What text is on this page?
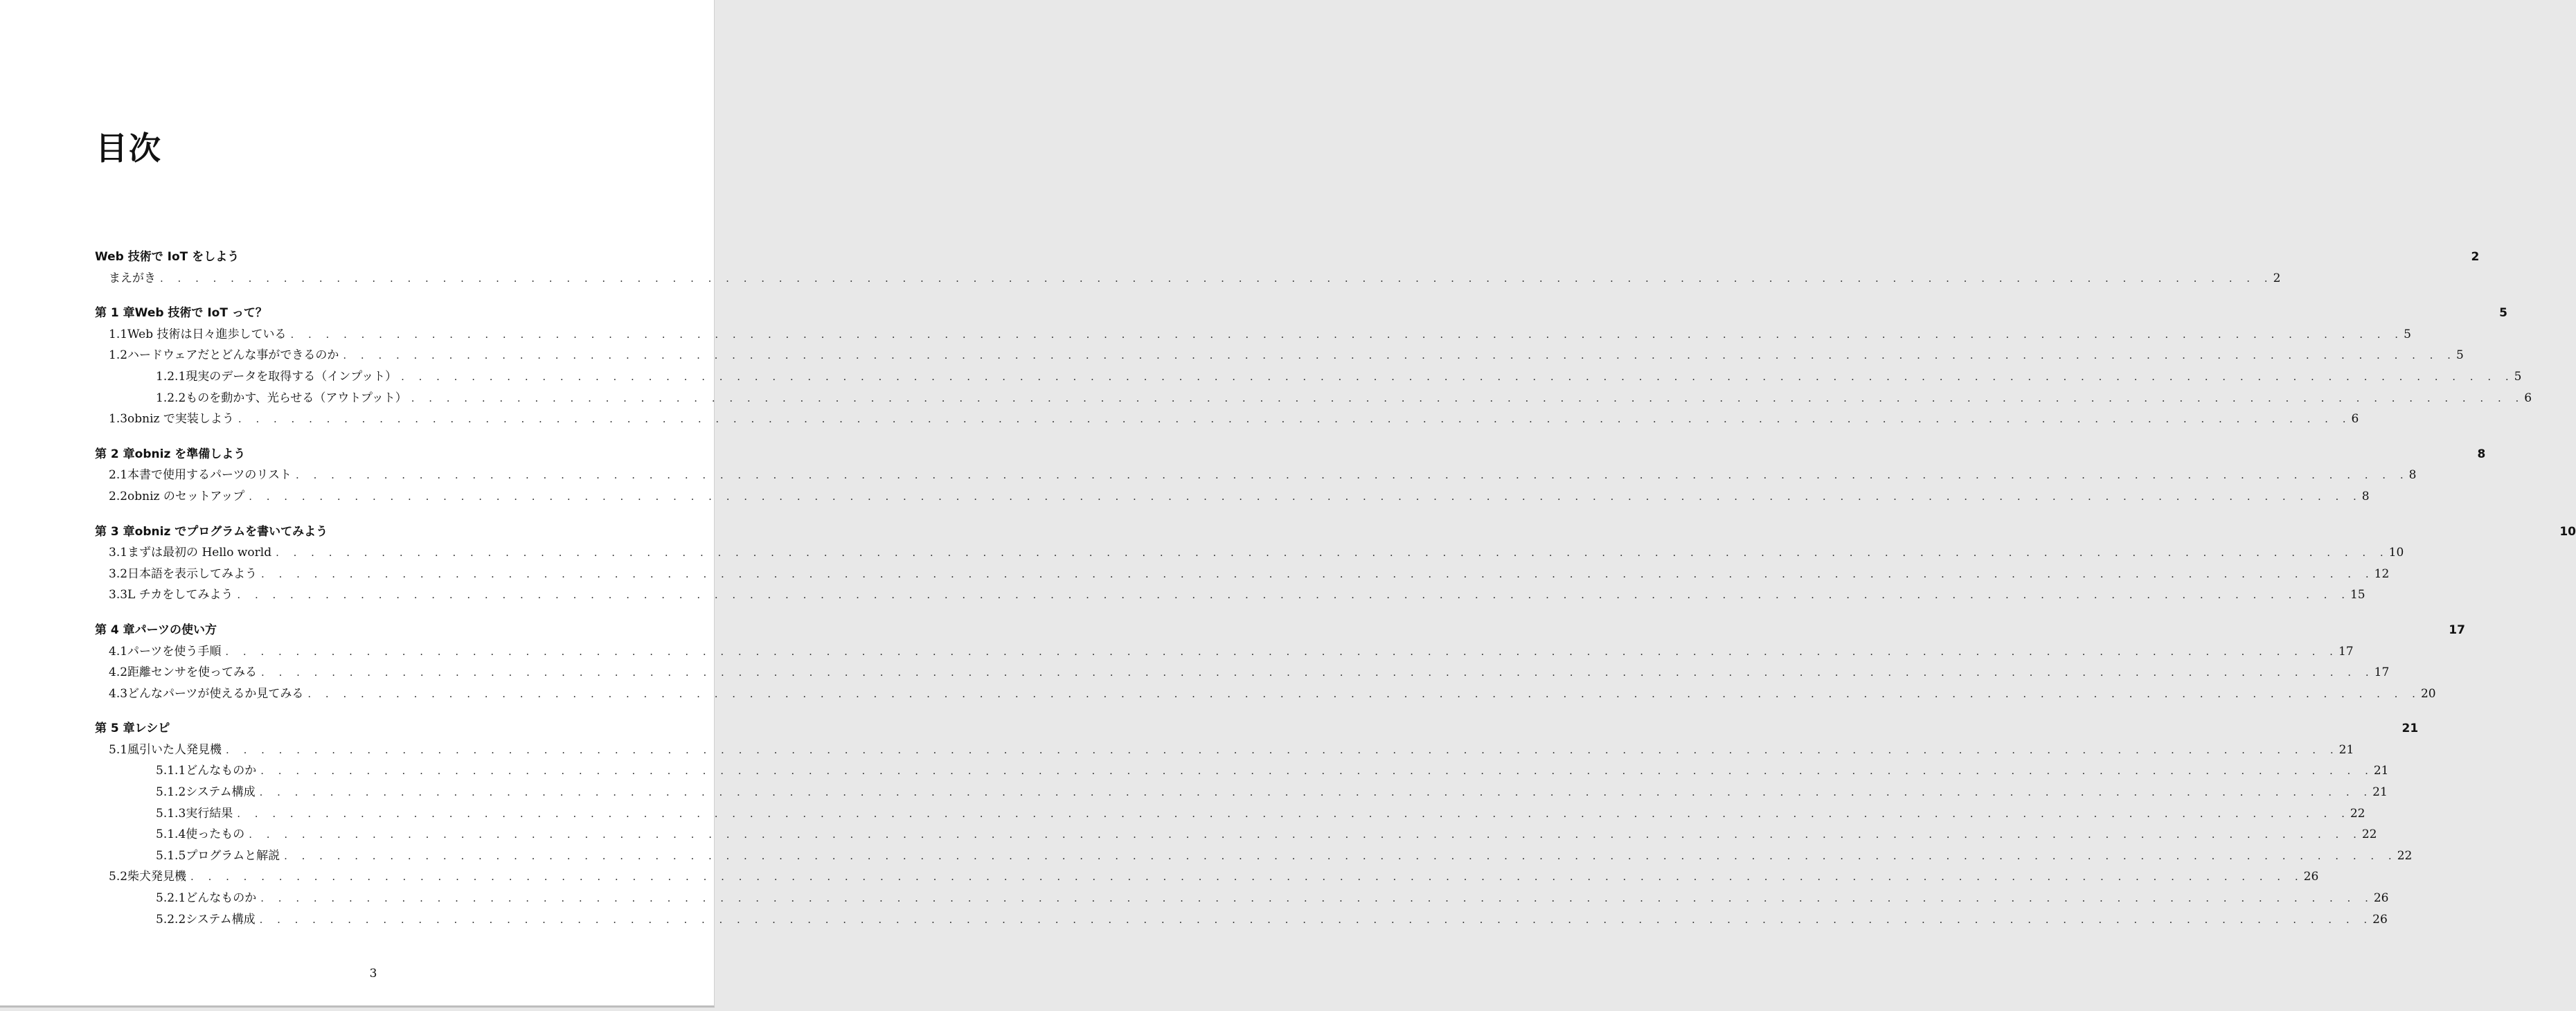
目次
Web 技術で IoT をしよう	2
まえがき . . . . . . . . . . . . . . . . . . . . . . . . . . . . . . . . . . . . . . . . . . . . . . . . . . . . . . . . . . . . . . . . . . . . . . . . . . . . . . . . . . . . . . . . . . . . . . . . . . . . . . . . . . . . . . . . . . . . . . . . 2
第 1 章 Web 技術で IoT って？	5
1.1 Web 技術は日々進歩している . . . . . . . . . . . . . . . . . . . . . . . . . . . . . . . . . . . . . . . . . . . . . . . . . . . . . . . . . . . . . . . . . . . . . . . . . . . . . . . . . . . . . . . . . . . . . . . . . . . . . . . . . . . . . . . . . . . . . . . . 5
1.2 ハードウェアだとどんな事ができるのか . . . . . . . . . . . . . . . . . . . . . . . . . . . . . . . . . . . . . . . . . . . . . . . . . . . . . . . . . . . . . . . . . . . . . . . . . . . . . . . . . . . . . . . . . . . . . . . . . . . . . . . . . . . . . . . . . . . . . . . . 5
1.2.1 現実のデータを取得する（インプット） . . . . . . . . . . . . . . . . . . . . . . . . . . . . . . . . . . . . . . . . . . . . . . . . . . . . . . . . . . . . . . . . . . . . . . . . . . . . . . . . . . . . . . . . . . . . . . . . . . . . . . . . . . . . . . . . . . . . . . . . 5
1.2.2 ものを動かす、光らせる（アウトプット） . . . . . . . . . . . . . . . . . . . . . . . . . . . . . . . . . . . . . . . . . . . . . . . . . . . . . . . . . . . . . . . . . . . . . . . . . . . . . . . . . . . . . . . . . . . . . . . . . . . . . . . . . . . . . . . . . . . . . . . . 6
1.3 obniz で実装しよう . . . . . . . . . . . . . . . . . . . . . . . . . . . . . . . . . . . . . . . . . . . . . . . . . . . . . . . . . . . . . . . . . . . . . . . . . . . . . . . . . . . . . . . . . . . . . . . . . . . . . . . . . . . . . . . . . . . . . . . . 6
第 2 章 obniz を準備しよう	8
2.1 本書で使用するパーツのリスト . . . . . . . . . . . . . . . . . . . . . . . . . . . . . . . . . . . . . . . . . . . . . . . . . . . . . . . . . . . . . . . . . . . . . . . . . . . . . . . . . . . . . . . . . . . . . . . . . . . . . . . . . . . . . . . . . . . . . . . . 8
2.2 obniz のセットアップ . . . . . . . . . . . . . . . . . . . . . . . . . . . . . . . . . . . . . . . . . . . . . . . . . . . . . . . . . . . . . . . . . . . . . . . . . . . . . . . . . . . . . . . . . . . . . . . . . . . . . . . . . . . . . . . . . . . . . . . . 8
第 3 章 obniz でプログラムを書いてみよう	10
3.1 まずは最初の Hello world . . . . . . . . . . . . . . . . . . . . . . . . . . . . . . . . . . . . . . . . . . . . . . . . . . . . . . . . . . . . . . . . . . . . . . . . . . . . . . . . . . . . . . . . . . . . . . . . . . . . . . . . . . . . . . . . . . . . . . . . 10
3.2 日本語を表示してみよう . . . . . . . . . . . . . . . . . . . . . . . . . . . . . . . . . . . . . . . . . . . . . . . . . . . . . . . . . . . . . . . . . . . . . . . . . . . . . . . . . . . . . . . . . . . . . . . . . . . . . . . . . . . . . . . . . . . . . . . . 12
3.3 L チカをしてみよう . . . . . . . . . . . . . . . . . . . . . . . . . . . . . . . . . . . . . . . . . . . . . . . . . . . . . . . . . . . . . . . . . . . . . . . . . . . . . . . . . . . . . . . . . . . . . . . . . . . . . . . . . . . . . . . . . . . . . . . . 15
第 4 章 パーツの使い方	17
4.1 パーツを使う手順 . . . . . . . . . . . . . . . . . . . . . . . . . . . . . . . . . . . . . . . . . . . . . . . . . . . . . . . . . . . . . . . . . . . . . . . . . . . . . . . . . . . . . . . . . . . . . . . . . . . . . . . . . . . . . . . . . . . . . . . . 17
4.2 距離センサを使ってみる . . . . . . . . . . . . . . . . . . . . . . . . . . . . . . . . . . . . . . . . . . . . . . . . . . . . . . . . . . . . . . . . . . . . . . . . . . . . . . . . . . . . . . . . . . . . . . . . . . . . . . . . . . . . . . . . . . . . . . . . 17
4.3 どんなパーツが使えるか見てみる . . . . . . . . . . . . . . . . . . . . . . . . . . . . . . . . . . . . . . . . . . . . . . . . . . . . . . . . . . . . . . . . . . . . . . . . . . . . . . . . . . . . . . . . . . . . . . . . . . . . . . . . . . . . . . . . . . . . . . . . 20
第 5 章 レシピ	21
5.1 風引いた人発見機 . . . . . . . . . . . . . . . . . . . . . . . . . . . . . . . . . . . . . . . . . . . . . . . . . . . . . . . . . . . . . . . . . . . . . . . . . . . . . . . . . . . . . . . . . . . . . . . . . . . . . . . . . . . . . . . . . . . . . . . . 21
5.1.1 どんなものか . . . . . . . . . . . . . . . . . . . . . . . . . . . . . . . . . . . . . . . . . . . . . . . . . . . . . . . . . . . . . . . . . . . . . . . . . . . . . . . . . . . . . . . . . . . . . . . . . . . . . . . . . . . . . . . . . . . . . . . . 21
5.1.2 システム構成 . . . . . . . . . . . . . . . . . . . . . . . . . . . . . . . . . . . . . . . . . . . . . . . . . . . . . . . . . . . . . . . . . . . . . . . . . . . . . . . . . . . . . . . . . . . . . . . . . . . . . . . . . . . . . . . . . . . . . . . . 21
5.1.3 実行結果 . . . . . . . . . . . . . . . . . . . . . . . . . . . . . . . . . . . . . . . . . . . . . . . . . . . . . . . . . . . . . . . . . . . . . . . . . . . . . . . . . . . . . . . . . . . . . . . . . . . . . . . . . . . . . . . . . . . . . . . . 22
5.1.4 使ったもの . . . . . . . . . . . . . . . . . . . . . . . . . . . . . . . . . . . . . . . . . . . . . . . . . . . . . . . . . . . . . . . . . . . . . . . . . . . . . . . . . . . . . . . . . . . . . . . . . . . . . . . . . . . . . . . . . . . . . . . . 22
5.1.5 プログラムと解説 . . . . . . . . . . . . . . . . . . . . . . . . . . . . . . . . . . . . . . . . . . . . . . . . . . . . . . . . . . . . . . . . . . . . . . . . . . . . . . . . . . . . . . . . . . . . . . . . . . . . . . . . . . . . . . . . . . . . . . . . 22
5.2 柴犬発見機 . . . . . . . . . . . . . . . . . . . . . . . . . . . . . . . . . . . . . . . . . . . . . . . . . . . . . . . . . . . . . . . . . . . . . . . . . . . . . . . . . . . . . . . . . . . . . . . . . . . . . . . . . . . . . . . . . . . . . . . . 26
5.2.1 どんなものか . . . . . . . . . . . . . . . . . . . . . . . . . . . . . . . . . . . . . . . . . . . . . . . . . . . . . . . . . . . . . . . . . . . . . . . . . . . . . . . . . . . . . . . . . . . . . . . . . . . . . . . . . . . . . . . . . . . . . . . . 26
5.2.2 システム構成 . . . . . . . . . . . . . . . . . . . . . . . . . . . . . . . . . . . . . . . . . . . . . . . . . . . . . . . . . . . . . . . . . . . . . . . . . . . . . . . . . . . . . . . . . . . . . . . . . . . . . . . . . . . . . . . . . . . . . . . . 26
3
